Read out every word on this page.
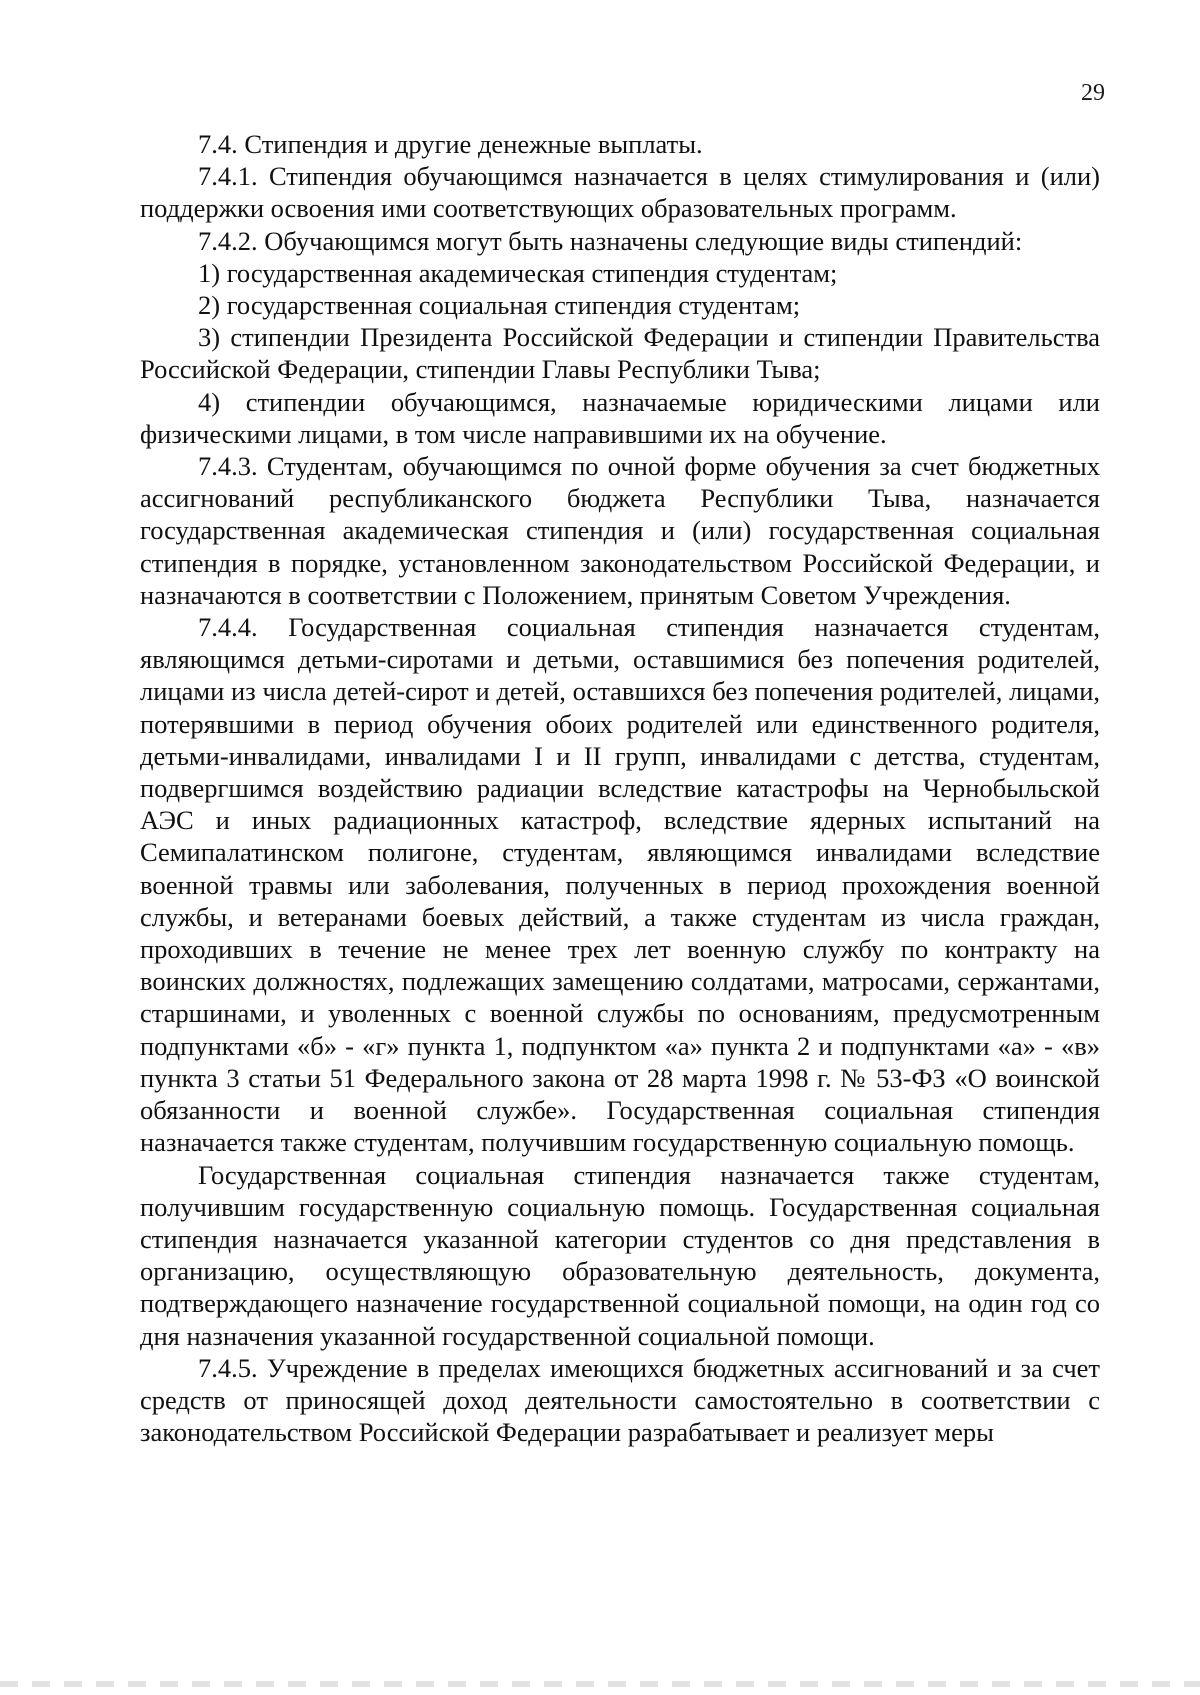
29

7.4. Стипендия и другие денежные выплаты.

7.4.1. Стипендия обучающимся назначается в целях стимулирования и (или) поддержки освоения ими соответствующих образовательных программ.

7.4.2. Обучающимся могут быть назначены следующие виды стипендий:

1) государственная академическая стипендия студентам;

2) государственная социальная стипендия студентам;

3) стипендии Президента Российской Федерации и стипендии Правительства Российской Федерации, стипендии Главы Республики Тыва;

4) стипендии обучающимся, назначаемые юридическими лицами или физическими лицами, в том числе направившими их на обучение.

7.4.3. Студентам, обучающимся по очной форме обучения за счет бюджетных ассигнований республиканского бюджета Республики Тыва, назначается государственная академическая стипендия и (или) государственная социальная стипендия в порядке, установленном законодательством Российской Федерации, и назначаются в соответствии с Положением, принятым Советом Учреждения.

7.4.4. Государственная социальная стипендия назначается студентам, являющимся детьми-сиротами и детьми, оставшимися без попечения родителей, лицами из числа детей-сирот и детей, оставшихся без попечения родителей, лицами, потерявшими в период обучения обоих родителей или единственного родителя, детьми-инвалидами, инвалидами I и II групп, инвалидами с детства, студентам, подвергшимся воздействию радиации вследствие катастрофы на Чернобыльской АЭС и иных радиационных катастроф, вследствие ядерных испытаний на Семипалатинском полигоне, студентам, являющимся инвалидами вследствие военной травмы или заболевания, полученных в период прохождения военной службы, и ветеранами боевых действий, а также студентам из числа граждан, проходивших в течение не менее трех лет военную службу по контракту на воинских должностях, подлежащих замещению солдатами, матросами, сержантами, старшинами, и уволенных с военной службы по основаниям, предусмотренным подпунктами «б» - «г» пункта 1, подпунктом «а» пункта 2 и подпунктами «а» - «в» пункта 3 статьи 51 Федерального закона от 28 марта 1998 г. № 53-ФЗ «О воинской обязанности и военной службе». Государственная социальная стипендия назначается также студентам, получившим государственную социальную помощь.

Государственная социальная стипендия назначается также студентам, получившим государственную социальную помощь. Государственная социальная стипендия назначается указанной категории студентов со дня представления в организацию, осуществляющую образовательную деятельность, документа, подтверждающего назначение государственной социальной помощи, на один год со дня назначения указанной государственной социальной помощи.

7.4.5. Учреждение в пределах имеющихся бюджетных ассигнований и за счет средств от приносящей доход деятельности самостоятельно в соответствии с законодательством Российской Федерации разрабатывает и реализует меры
